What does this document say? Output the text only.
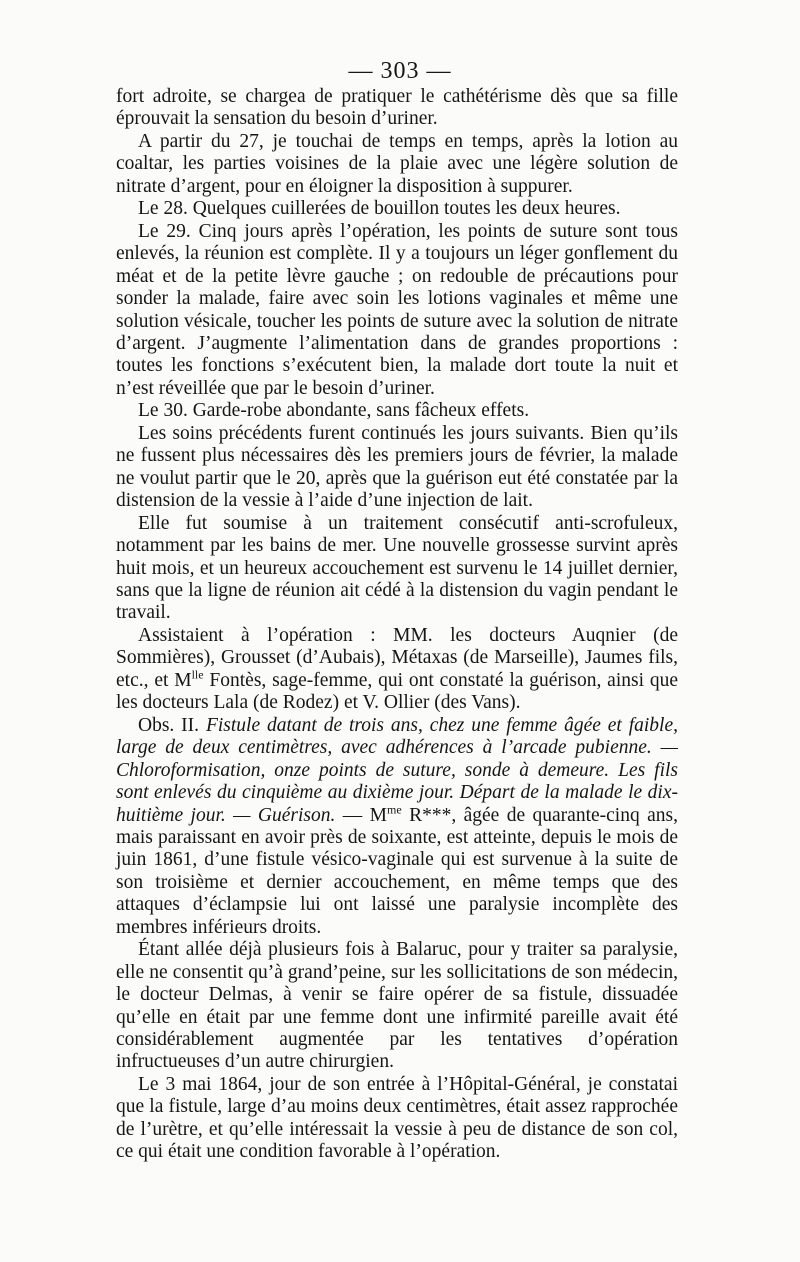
— 303 —

fort adroite, se chargea de pratiquer le cathétérisme dès que sa fille éprouvait la sensation du besoin d’uriner.

A partir du 27, je touchai de temps en temps, après la lotion au coaltar, les parties voisines de la plaie avec une légère solution de nitrate d’argent, pour en éloigner la disposition à suppurer.

Le 28. Quelques cuillerées de bouillon toutes les deux heures.

Le 29. Cinq jours après l’opération, les points de suture sont tous enlevés, la réunion est complète. Il y a toujours un léger gonflement du méat et de la petite lèvre gauche ; on redouble de précautions pour sonder la malade, faire avec soin les lotions vaginales et même une solution vésicale, toucher les points de suture avec la solution de nitrate d’argent. J’augmente l’alimentation dans de grandes proportions : toutes les fonctions s’exécutent bien, la malade dort toute la nuit et n’est réveillée que par le besoin d’uriner.

Le 30. Garde-robe abondante, sans fâcheux effets.

Les soins précédents furent continués les jours suivants. Bien qu’ils ne fussent plus nécessaires dès les premiers jours de février, la malade ne voulut partir que le 20, après que la guérison eut été constatée par la distension de la vessie à l’aide d’une injection de lait.

Elle fut soumise à un traitement consécutif anti-scrofuleux, notamment par les bains de mer. Une nouvelle grossesse survint après huit mois, et un heureux accouchement est survenu le 14 juillet dernier, sans que la ligne de réunion ait cédé à la distension du vagin pendant le travail.

Assistaient à l’opération : MM. les docteurs Auqnier (de Sommières), Grousset (d’Aubais), Métaxas (de Marseille), Jaumes fils, etc., et $M^{lle}$ Fontès, sage-femme, qui ont constaté la guérison, ainsi que les docteurs Lala (de Rodez) et V. Ollier (des Vans).

Obs. II. Fistule datant de trois ans, chez une femme âgée et faible, large de deux centimètres, avec adhérences à l’arcade pubienne. — Chloroformisation, onze points de suture, sonde à demeure. Les fils sont enlevés du cinquième au dixième jour. Départ de la malade le dix-huitième jour. — Guérison. — $M^{me}$ R***, âgée de quarante-cinq ans, mais paraissant en avoir près de soixante, est atteinte, depuis le mois de juin 1861, d’une fistule vésico-vaginale qui est survenue à la suite de son troisième et dernier accouchement, en même temps que des attaques d’éclampsie lui ont laissé une paralysie incomplète des membres inférieurs droits.

Étant allée déjà plusieurs fois à Balaruc, pour y traiter sa paralysie, elle ne consentit qu’à grand’peine, sur les sollicitations de son médecin, le docteur Delmas, à venir se faire opérer de sa fistule, dissuadée qu’elle en était par une femme dont une infirmité pareille avait été considérablement augmentée par les tentatives d’opération infructueuses d’un autre chirurgien.

Le 3 mai 1864, jour de son entrée à l’Hôpital-Général, je constatai que la fistule, large d’au moins deux centimètres, était assez rapprochée de l’urètre, et qu’elle intéressait la vessie à peu de distance de son col, ce qui était une condition favorable à l’opération.
